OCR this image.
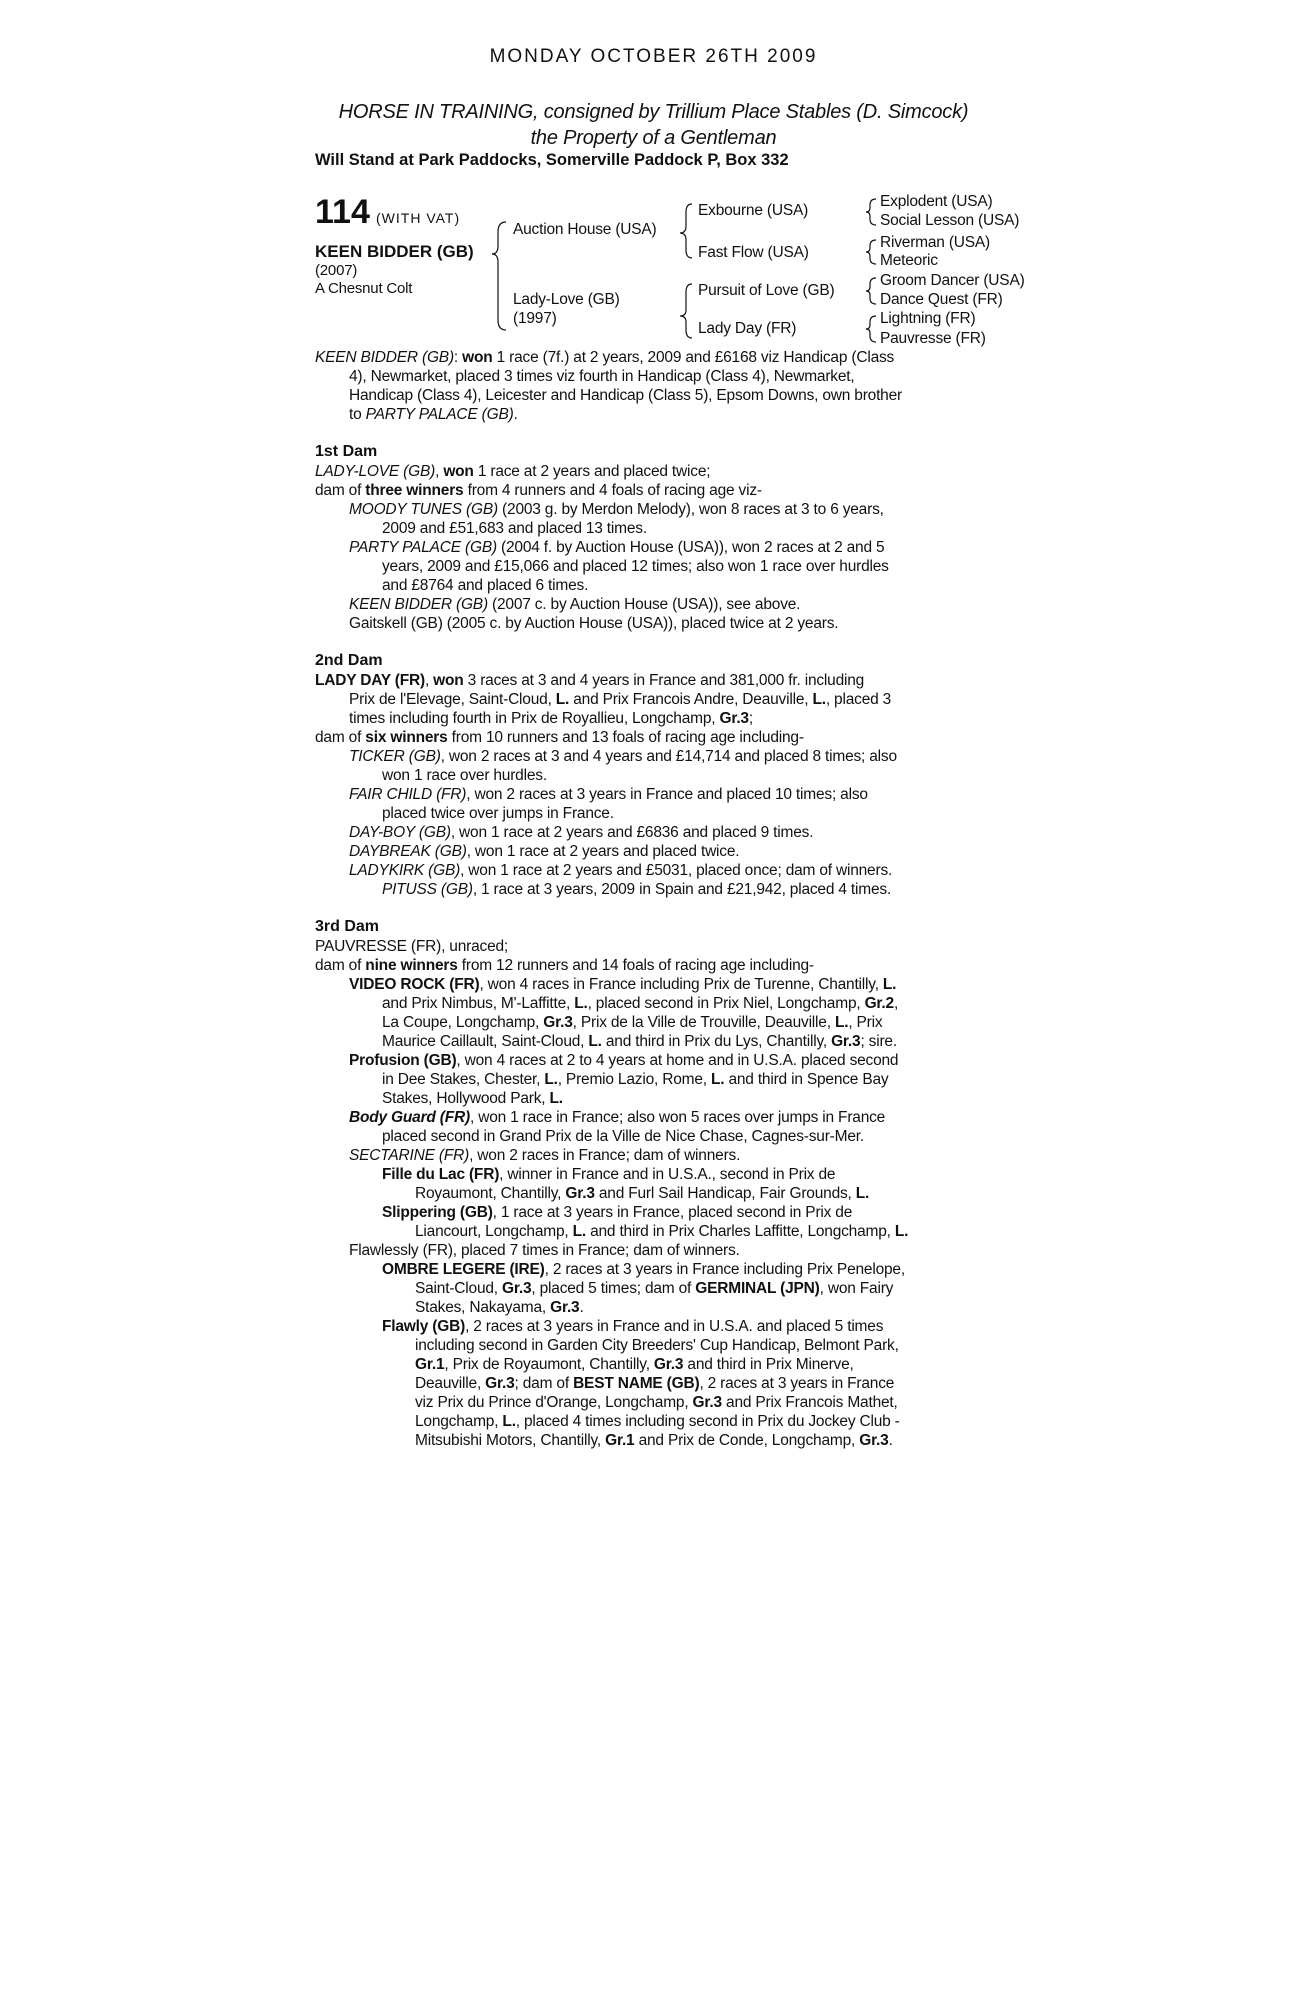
MONDAY OCTOBER 26TH 2009
HORSE IN TRAINING, consigned by Trillium Place Stables (D. Simcock)
the Property of a Gentleman
Will Stand at Park Paddocks, Somerville Paddock P, Box 332
114 (WITH VAT)
KEEN BIDDER (GB)
(2007)
A Chesnut Colt
Auction House (USA)
Lady-Love (GB)
(1997)
Exbourne (USA)
Fast Flow (USA)
Pursuit of Love (GB)
Lady Day (FR)
Explodent (USA)
Social Lesson (USA)
Riverman (USA)
Meteoric
Groom Dancer (USA)
Dance Quest (FR)
Lightning (FR)
Pauvresse (FR)
KEEN BIDDER (GB): won 1 race (7f.) at 2 years, 2009 and £6168 viz Handicap (Class
4), Newmarket, placed 3 times viz fourth in Handicap (Class 4), Newmarket,
Handicap (Class 4), Leicester and Handicap (Class 5), Epsom Downs, own brother
to PARTY PALACE (GB).
1st Dam
LADY-LOVE (GB), won 1 race at 2 years and placed twice;
dam of three winners from 4 runners and 4 foals of racing age viz-
MOODY TUNES (GB) (2003 g. by Merdon Melody), won 8 races at 3 to 6 years,
2009 and £51,683 and placed 13 times.
PARTY PALACE (GB) (2004 f. by Auction House (USA)), won 2 races at 2 and 5
years, 2009 and £15,066 and placed 12 times; also won 1 race over hurdles
and £8764 and placed 6 times.
KEEN BIDDER (GB) (2007 c. by Auction House (USA)), see above.
Gaitskell (GB) (2005 c. by Auction House (USA)), placed twice at 2 years.
2nd Dam
LADY DAY (FR), won 3 races at 3 and 4 years in France and 381,000 fr. including
Prix de l'Elevage, Saint-Cloud, L. and Prix Francois Andre, Deauville, L., placed 3
times including fourth in Prix de Royallieu, Longchamp, Gr.3;
dam of six winners from 10 runners and 13 foals of racing age including-
TICKER (GB), won 2 races at 3 and 4 years and £14,714 and placed 8 times; also
won 1 race over hurdles.
FAIR CHILD (FR), won 2 races at 3 years in France and placed 10 times; also
placed twice over jumps in France.
DAY-BOY (GB), won 1 race at 2 years and £6836 and placed 9 times.
DAYBREAK (GB), won 1 race at 2 years and placed twice.
LADYKIRK (GB), won 1 race at 2 years and £5031, placed once; dam of winners.
PITUSS (GB), 1 race at 3 years, 2009 in Spain and £21,942, placed 4 times.
3rd Dam
PAUVRESSE (FR), unraced;
dam of nine winners from 12 runners and 14 foals of racing age including-
VIDEO ROCK (FR), won 4 races in France including Prix de Turenne, Chantilly, L.
and Prix Nimbus, M'-Laffitte, L., placed second in Prix Niel, Longchamp, Gr.2,
La Coupe, Longchamp, Gr.3, Prix de la Ville de Trouville, Deauville, L., Prix
Maurice Caillault, Saint-Cloud, L. and third in Prix du Lys, Chantilly, Gr.3; sire.
Profusion (GB), won 4 races at 2 to 4 years at home and in U.S.A. placed second
in Dee Stakes, Chester, L., Premio Lazio, Rome, L. and third in Spence Bay
Stakes, Hollywood Park, L.
Body Guard (FR), won 1 race in France; also won 5 races over jumps in France
placed second in Grand Prix de la Ville de Nice Chase, Cagnes-sur-Mer.
SECTARINE (FR), won 2 races in France; dam of winners.
Fille du Lac (FR), winner in France and in U.S.A., second in Prix de
Royaumont, Chantilly, Gr.3 and Furl Sail Handicap, Fair Grounds, L.
Slippering (GB), 1 race at 3 years in France, placed second in Prix de
Liancourt, Longchamp, L. and third in Prix Charles Laffitte, Longchamp, L.
Flawlessly (FR), placed 7 times in France; dam of winners.
OMBRE LEGERE (IRE), 2 races at 3 years in France including Prix Penelope,
Saint-Cloud, Gr.3, placed 5 times; dam of GERMINAL (JPN), won Fairy
Stakes, Nakayama, Gr.3.
Flawly (GB), 2 races at 3 years in France and in U.S.A. and placed 5 times
including second in Garden City Breeders' Cup Handicap, Belmont Park,
Gr.1, Prix de Royaumont, Chantilly, Gr.3 and third in Prix Minerve,
Deauville, Gr.3; dam of BEST NAME (GB), 2 races at 3 years in France
viz Prix du Prince d'Orange, Longchamp, Gr.3 and Prix Francois Mathet,
Longchamp, L., placed 4 times including second in Prix du Jockey Club -
Mitsubishi Motors, Chantilly, Gr.1 and Prix de Conde, Longchamp, Gr.3.
